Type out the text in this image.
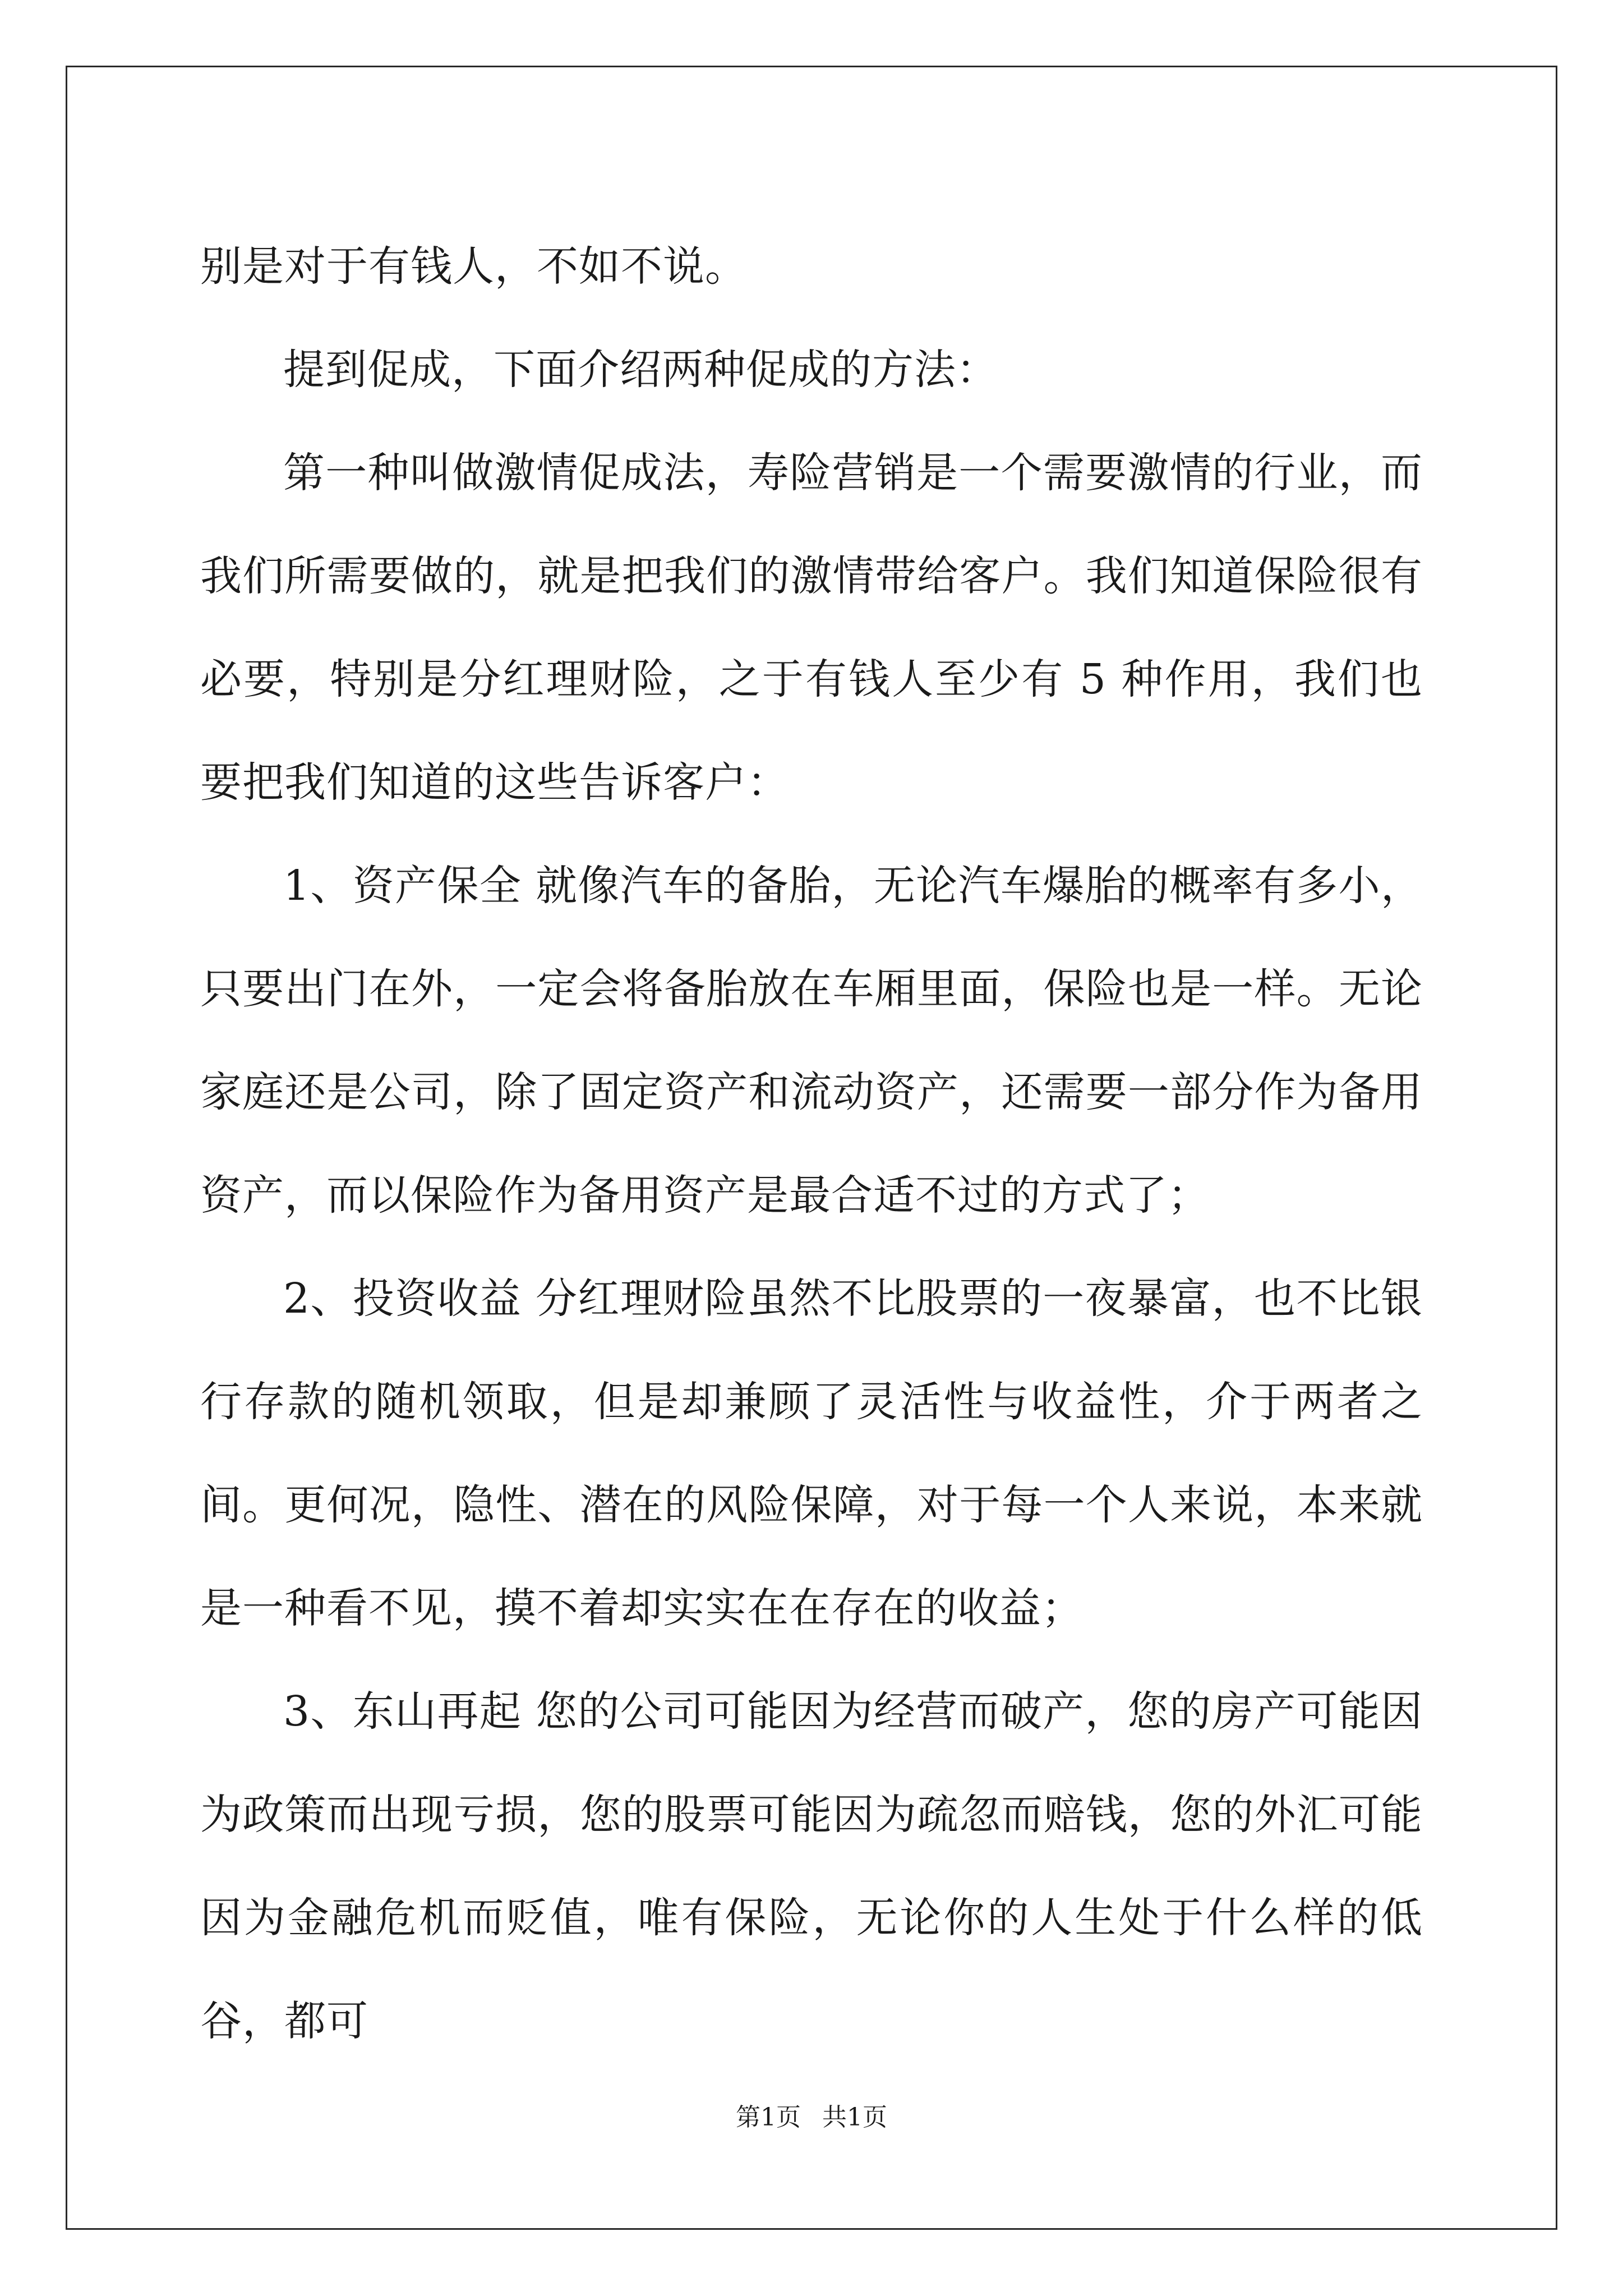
别是对于有钱人，不如不说。

提到促成，下面介绍两种促成的方法：

第一种叫做激情促成法，寿险营销是一个需要激情的行业，而我们所需要做的，就是把我们的激情带给客户。我们知道保险很有必要，特别是分红理财险，之于有钱人至少有 5 种作用，我们也要把我们知道的这些告诉客户：

1、资产保全 就像汽车的备胎，无论汽车爆胎的概率有多小，只要出门在外，一定会将备胎放在车厢里面，保险也是一样。无论家庭还是公司，除了固定资产和流动资产，还需要一部分作为备用资产，而以保险作为备用资产是最合适不过的方式了；

2、投资收益 分红理财险虽然不比股票的一夜暴富，也不比银行存款的随机领取，但是却兼顾了灵活性与收益性，介于两者之间。更何况，隐性、潜在的风险保障，对于每一个人来说，本来就是一种看不见，摸不着却实实在在存在的收益；

3、东山再起 您的公司可能因为经营而破产，您的房产可能因为政策而出现亏损，您的股票可能因为疏忽而赔钱，您的外汇可能因为金融危机而贬值，唯有保险，无论你的人生处于什么样的低谷，都可

第1页 共1页
